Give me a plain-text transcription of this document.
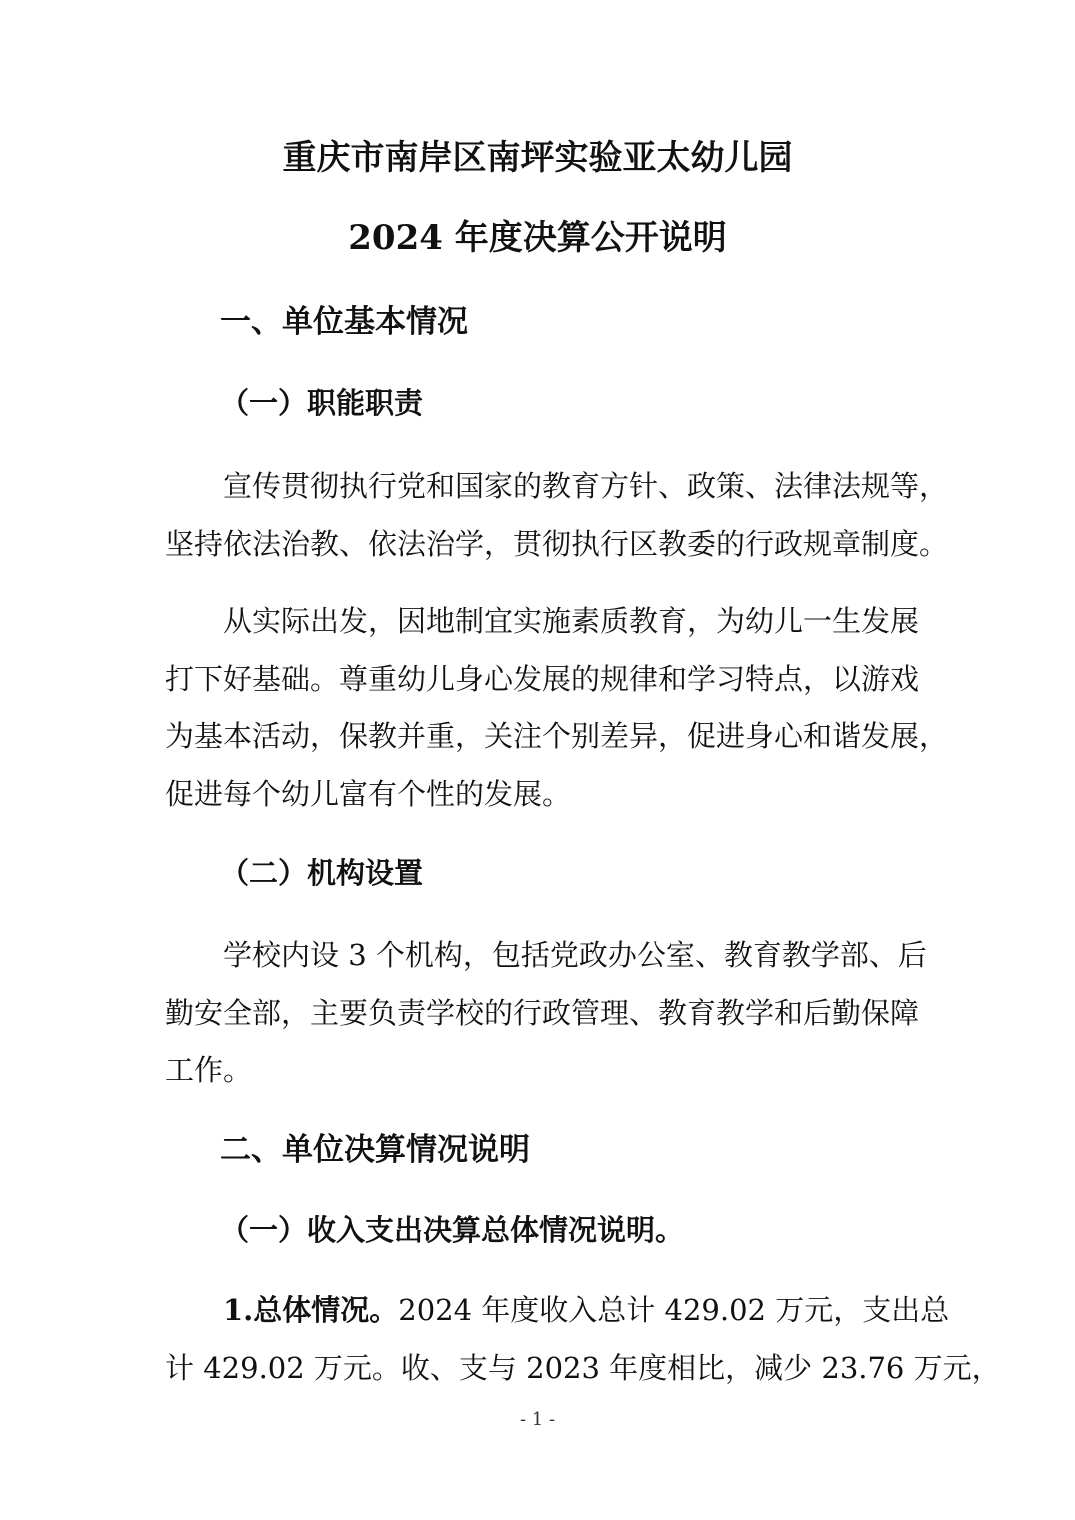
重庆市南岸区南坪实验亚太幼儿园
2024 年度决算公开说明
一、单位基本情况
（一）职能职责
宣传贯彻执行党和国家的教育方针、政策、法律法规等，
坚持依法治教、依法治学，贯彻执行区教委的行政规章制度。
从实际出发，因地制宜实施素质教育，为幼儿一生发展
打下好基础。尊重幼儿身心发展的规律和学习特点，以游戏
为基本活动，保教并重，关注个别差异，促进身心和谐发展，
促进每个幼儿富有个性的发展。
（二）机构设置
学校内设 3 个机构，包括党政办公室、教育教学部、后
勤安全部，主要负责学校的行政管理、教育教学和后勤保障
工作。
二、单位决算情况说明
（一）收入支出决算总体情况说明。
1.总体情况。2024 年度收入总计 429.02 万元，支出总
计 429.02 万元。收、支与 2023 年度相比，减少 23.76 万元，
- 1 -
